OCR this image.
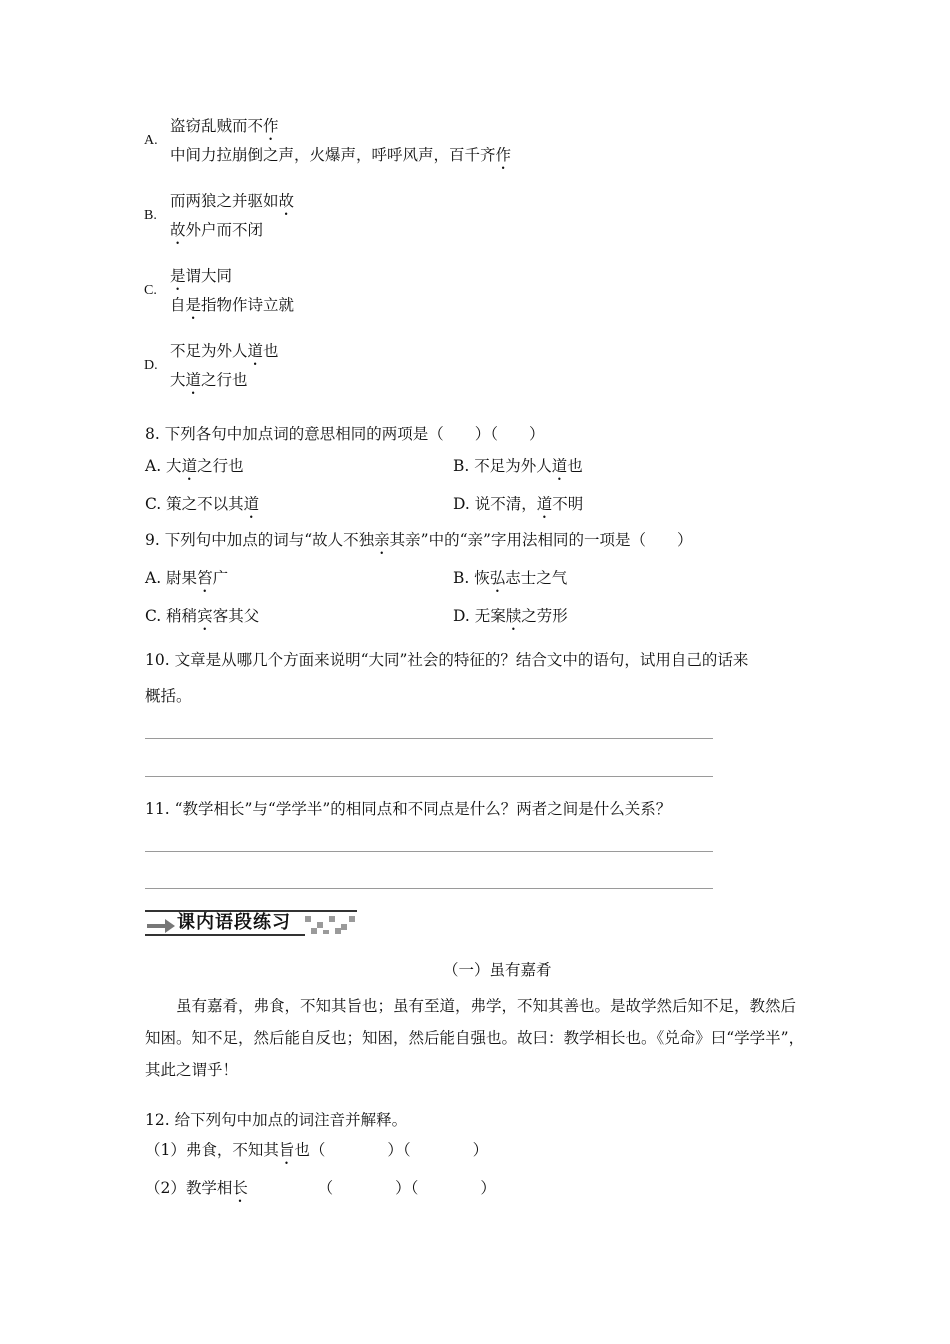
A.
盗窃乱贼而不作
中间力拉崩倒之声，火爆声，呼呼风声，百千齐作
B.
而两狼之并驱如故
故外户而不闭
C.
是谓大同
自是指物作诗立就
D.
不足为外人道也
大道之行也
8. 下列各句中加点词的意思相同的两项是（　　）（　　）
A. 大道之行也	B. 不足为外人道也
C. 策之不以其道	D. 说不清，道不明
9. 下列句中加点的词与“故人不独亲其亲”中的“亲”字用法相同的一项是（　　）
A. 尉果笞广	B. 恢弘志士之气
C. 稍稍宾客其父	D. 无案牍之劳形
10. 文章是从哪几个方面来说明“大同”社会的特征的？结合文中的语句，试用自己的话来
概括。
11. “教学相长”与“学学半”的相同点和不同点是什么？两者之间是什么关系？
课内语段练习
（一）虽有嘉肴
虽有嘉肴，弗食，不知其旨也；虽有至道，弗学，不知其善也。是故学然后知不足，教然后知困。知不足，然后能自反也；知困，然后能自强也。故曰：教学相长也。《兑命》曰“学学半”，其此之谓乎！
12. 给下列句中加点的词注音并解释。
（1）弗食，不知其旨也（　　　　）（　　　　）
（2）教学相长　　　　　（　　　　）（　　　　）
